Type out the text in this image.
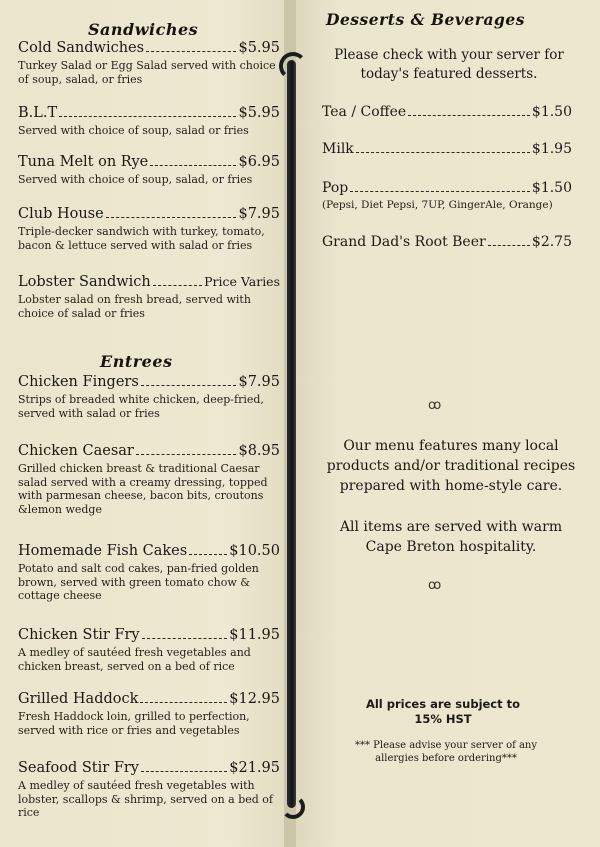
Sandwiches
Cold Sandwiches	$5.95
Turkey Salad or Egg Salad served with choice of soup, salad, or fries
B.L.T	$5.95
Served with choice of soup, salad or fries
Tuna Melt on Rye	$6.95
Served with choice of soup, salad, or fries
Club House	$7.95
Triple-decker sandwich with turkey, tomato, bacon & lettuce served with salad or fries
Lobster Sandwich	Price Varies
Lobster salad on fresh bread, served with choice of salad or fries
Entrees
Chicken Fingers	$7.95
Strips of breaded white chicken, deep-fried, served with salad or fries
Chicken Caesar	$8.95
Grilled chicken breast & traditional Caesar salad served with a creamy dressing, topped with parmesan cheese, bacon bits, croutons &lemon wedge
Homemade Fish Cakes	$10.50
Potato and salt cod cakes, pan-fried golden brown, served with green tomato chow & cottage cheese
Chicken Stir Fry	$11.95
A medley of sautéed fresh vegetables and chicken breast, served on a bed of rice
Grilled Haddock	$12.95
Fresh Haddock loin, grilled to perfection, served with rice or fries and vegetables
Seafood Stir Fry	$21.95
A medley of sautéed fresh vegetables with lobster, scallops & shrimp, served on a bed of rice
Desserts & Beverages
Please check with your server for today's featured desserts.
Tea / Coffee	$1.50
Milk	$1.95
Pop	$1.50
(Pepsi, Diet Pepsi, 7UP, GingerAle, Orange)
Grand Dad's Root Beer	$2.75
ꝏ
Our menu features many local products and/or traditional recipes prepared with home-style care.
All items are served with warm Cape Breton hospitality.
ꝏ
All prices are subject to 15% HST
*** Please advise your server of any allergies before ordering***
